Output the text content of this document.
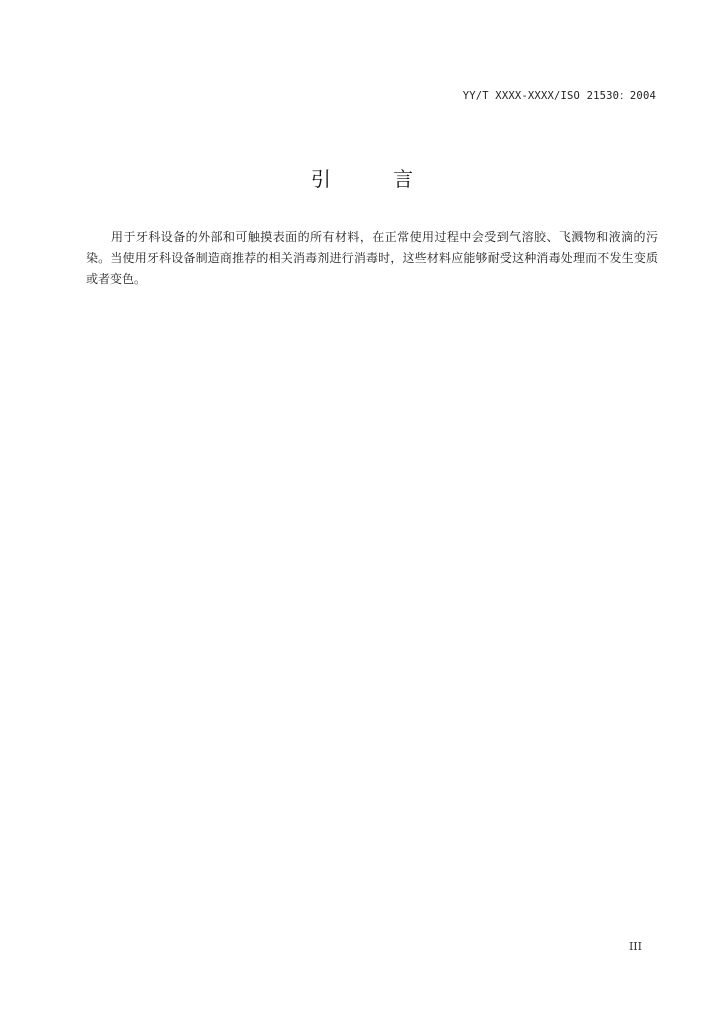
YY/T XXXX-XXXX/ISO 21530：2004
引 言

用于牙科设备的外部和可触摸表面的所有材料，在正常使用过程中会受到气溶胶、飞溅物和液滴的污染。当使用牙科设备制造商推荐的相关消毒剂进行消毒时，这些材料应能够耐受这种消毒处理而不发生变质或者变色。

III
